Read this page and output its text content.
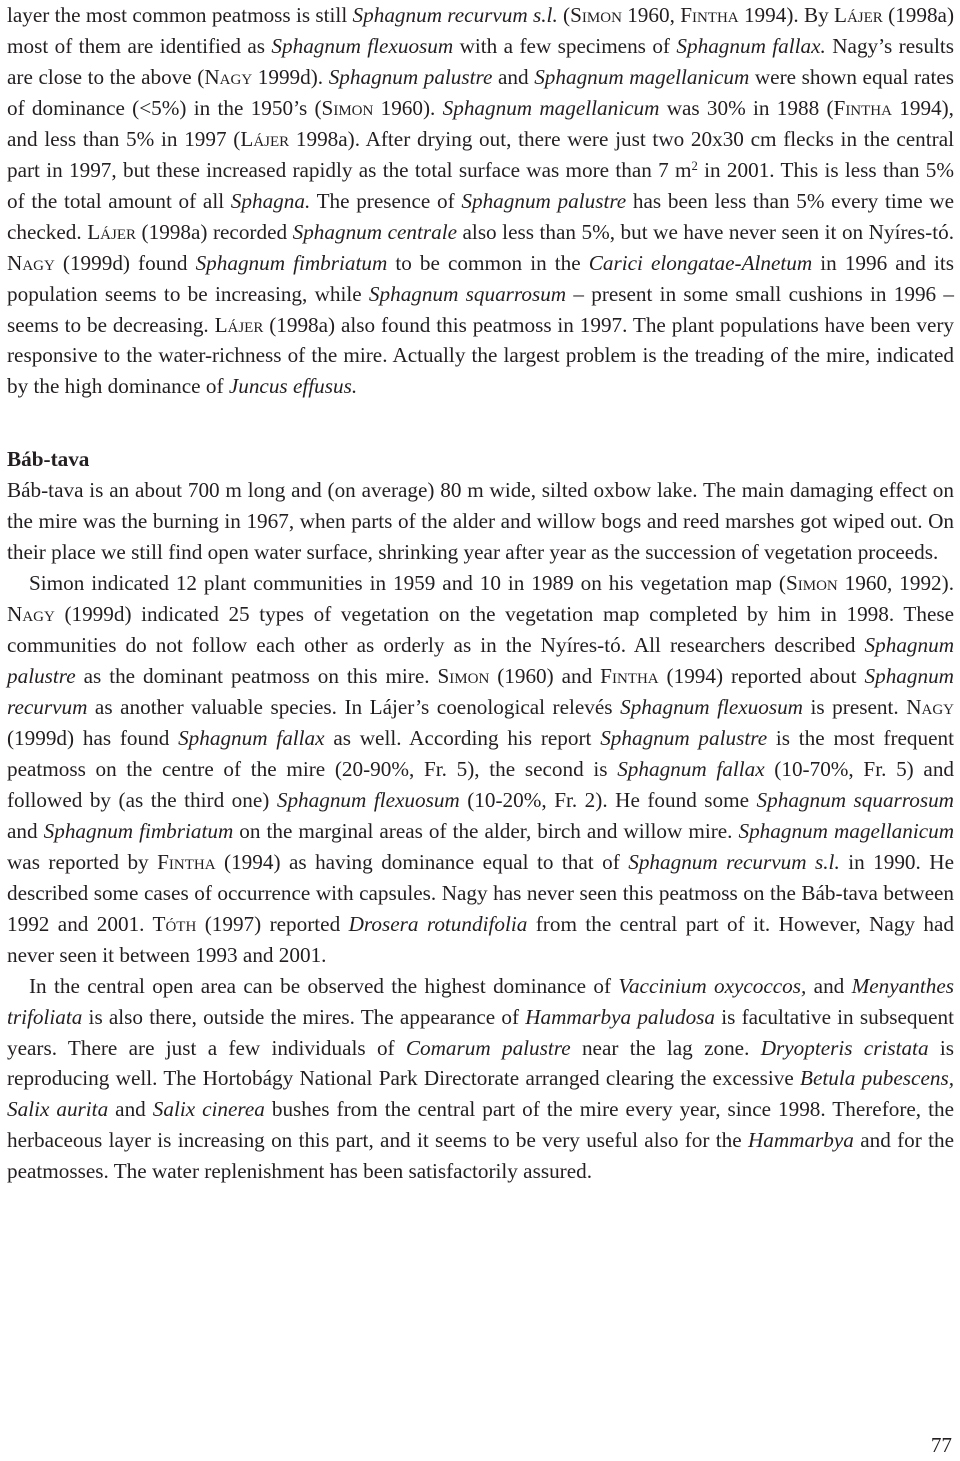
layer the most common peatmoss is still Sphagnum recurvum s.l. (Simon 1960, Fintha 1994). By Lájer (1998a) most of them are identified as Sphagnum flexuosum with a few specimens of Sphagnum fallax. Nagy’s results are close to the above (Nagy 1999d). Sphagnum palustre and Sphagnum magellanicum were shown equal rates of dominance (<5%) in the 1950’s (Simon 1960). Sphagnum magellanicum was 30% in 1988 (Fintha 1994), and less than 5% in 1997 (Lájer 1998a). After drying out, there were just two 20x30 cm flecks in the central part in 1997, but these increased rapidly as the total surface was more than 7 $m^2$ in 2001. This is less than 5% of the total amount of all Sphagna. The presence of Sphagnum palustre has been less than 5% every time we checked. Lájer (1998a) recorded Sphagnum centrale also less than 5%, but we have never seen it on Nyíres-tó. Nagy (1999d) found Sphagnum fimbriatum to be common in the Carici elongatae-Alnetum in 1996 and its population seems to be increasing, while Sphagnum squarrosum – present in some small cushions in 1996 – seems to be decreasing. Lájer (1998a) also found this peatmoss in 1997. The plant populations have been very responsive to the water-richness of the mire. Actually the largest problem is the treading of the mire, indicated by the high dominance of Juncus effusus.

Báb-tava

Báb-tava is an about 700 m long and (on average) 80 m wide, silted oxbow lake. The main damaging effect on the mire was the burning in 1967, when parts of the alder and willow bogs and reed marshes got wiped out. On their place we still find open water surface, shrinking year after year as the succession of vegetation proceeds.

Simon indicated 12 plant communities in 1959 and 10 in 1989 on his vegetation map (Simon 1960, 1992). Nagy (1999d) indicated 25 types of vegetation on the vegetation map completed by him in 1998. These communities do not follow each other as orderly as in the Nyíres-tó. All researchers described Sphagnum palustre as the dominant peatmoss on this mire. Simon (1960) and Fintha (1994) reported about Sphagnum recurvum as another valuable species. In Lájer’s coenological relevés Sphagnum flexuosum is present. Nagy (1999d) has found Sphagnum fallax as well. According his report Sphagnum palustre is the most frequent peatmoss on the centre of the mire (20-90%, Fr. 5), the second is Sphagnum fallax (10-70%, Fr. 5) and followed by (as the third one) Sphagnum flexuosum (10-20%, Fr. 2). He found some Sphagnum squarrosum and Sphagnum fimbriatum on the marginal areas of the alder, birch and willow mire. Sphagnum magellanicum was reported by Fintha (1994) as having dominance equal to that of Sphagnum recurvum s.l. in 1990. He described some cases of occurrence with capsules. Nagy has never seen this peatmoss on the Báb-tava between 1992 and 2001. Tóth (1997) reported Drosera rotundifolia from the central part of it. However, Nagy had never seen it between 1993 and 2001.

In the central open area can be observed the highest dominance of Vaccinium oxycoccos, and Menyanthes trifoliata is also there, outside the mires. The appearance of Hammarbya paludosa is facultative in subsequent years. There are just a few individuals of Comarum palustre near the lag zone. Dryopteris cristata is reproducing well. The Hortobágy National Park Directorate arranged clearing the excessive Betula pubescens, Salix aurita and Salix cinerea bushes from the central part of the mire every year, since 1998. Therefore, the herbaceous layer is increasing on this part, and it seems to be very useful also for the Hammarbya and for the peatmosses. The water replenishment has been satisfactorily assured.

77
